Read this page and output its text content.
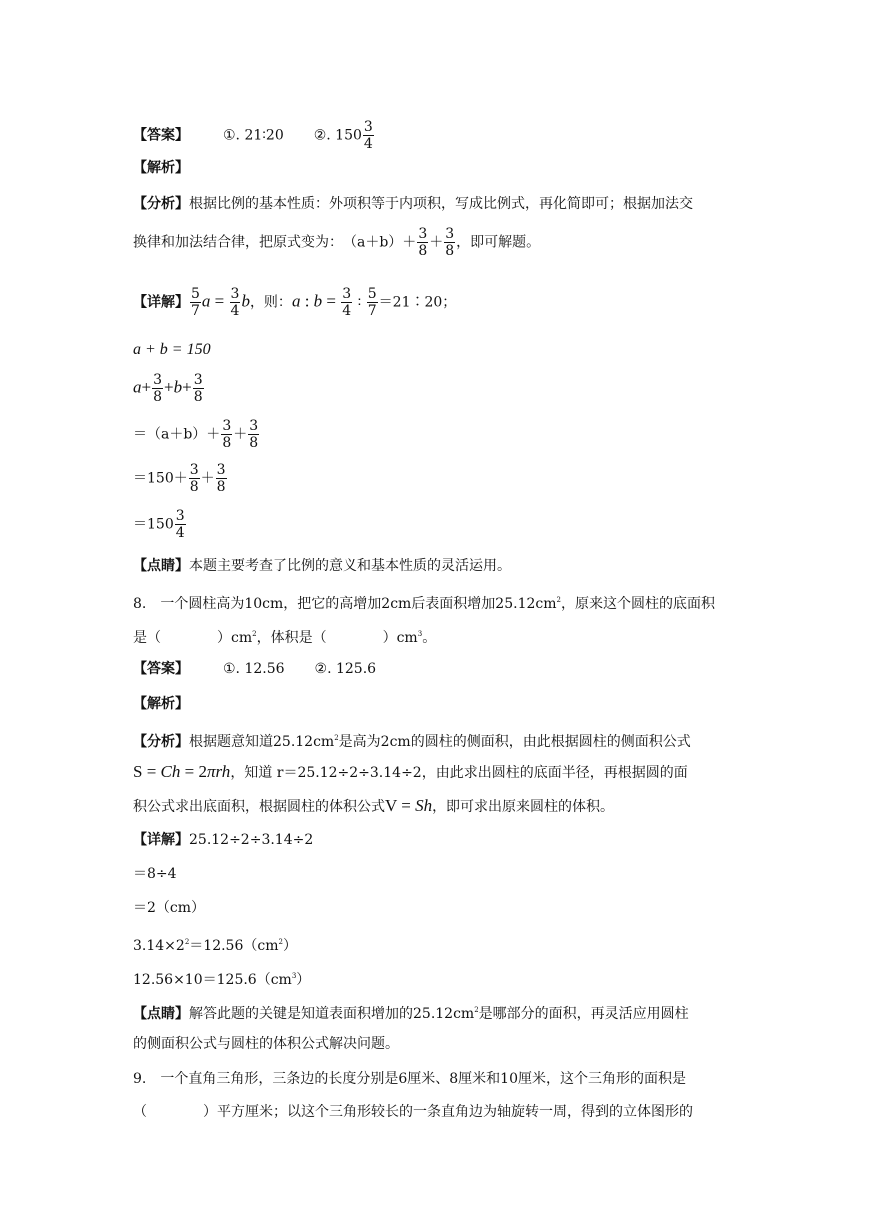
【答案】 ①. 21∶20 ②. $150 \frac{3}{4}$
【解析】
【分析】根据比例的基本性质：外项积等于内项积，写成比例式，再化简即可；根据加法交
换律和加法结合律，把原式变为：　$(a+b)+ \frac{3}{8} + \frac{3}{8}$ ，即可解题。
【详解】 $\frac{5}{7}$ $a = \frac{3}{4}$ b，则：a : $b = \frac{3}{4}$ ∶ $\frac{5}{7}$ ＝21∶20；
a + b = 150
$a+ \frac{3}{8} +b+ \frac{3}{8}$
$=(a+b)+ \frac{3}{8} + \frac{3}{8}$
$=150+ \frac{3}{8} + \frac{3}{8}$
$=150 \frac{3}{4}$
【点睛】本题主要考查了比例的意义和基本性质的灵活运用。
8.　一个圆柱高为10cm，把它的高增加2cm后表面积增加$25.12cm^2$，原来这个圆柱的底面积
是（　　　　）$cm^2$，体积是（　　　　）$cm^3$。
【答案】 ①. 12.56 ②. 125.6
【解析】
【分析】根据题意知道$25.12cm^2$是高为2cm的圆柱的侧面积，由此根据圆柱的侧面积公式
S = Ch = 2πrh，知道 r＝25.12÷2÷3.14÷2，由此求出圆柱的底面半径，再根据圆的面
积公式求出底面积，根据圆柱的体积公式V = Sh，即可求出原来圆柱的体积。
【详解】25.12÷2÷3.14÷2
＝8÷4
＝2（cm）
$3.14\times 2^2=12.56(cm^2)$
$12.56\times 10=125.6(cm^3)$
【点睛】解答此题的关键是知道表面积增加的$25.12cm^2$是哪部分的面积，再灵活应用圆柱
的侧面积公式与圆柱的体积公式解决问题。
9.　一个直角三角形，三条边的长度分别是6厘米、8厘米和10厘米，这个三角形的面积是
（　　　　）平方厘米；以这个三角形较长的一条直角边为轴旋转一周，得到的立体图形的
